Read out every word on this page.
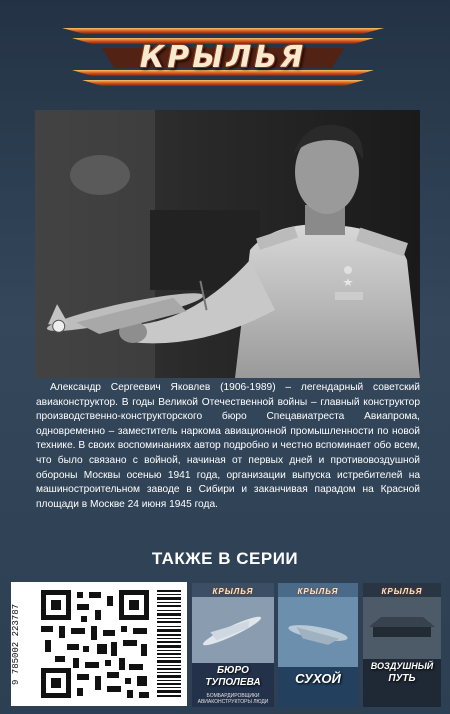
КРЫЛЬЯ

Александр Сергеевич Яковлев (1906-1989) – легендарный советский авиаконструктор. В годы Великой Отечественной войны – главный конструктор производственно-конструкторского бюро Спецавиатреста Авиапрома, одновременно – заместитель наркома авиационной промышленности по новой технике. В своих воспоминаниях автор подробно и честно вспоминает обо всем, что было связано с войной, начиная от первых дней и противовоздушной обороны Москвы осенью 1941 года, организации выпуска истребителей на машиностроительном заводе в Сибири и заканчивая парадом на Красной площади в Москве 24 июня 1945 года.

ТАКЖЕ В СЕРИИ
9 785002 223787
КРЫЛЬЯ
БЮРО
ТУПОЛЕВА
БОМБАРДИРОВЩИКИ АВИАКОНСТРУКТОРЫ ЛЮДИ
КРЫЛЬЯ
СУХОЙ
КРЫЛЬЯ
ВОЗДУШНЫЙ
ПУТЬ
